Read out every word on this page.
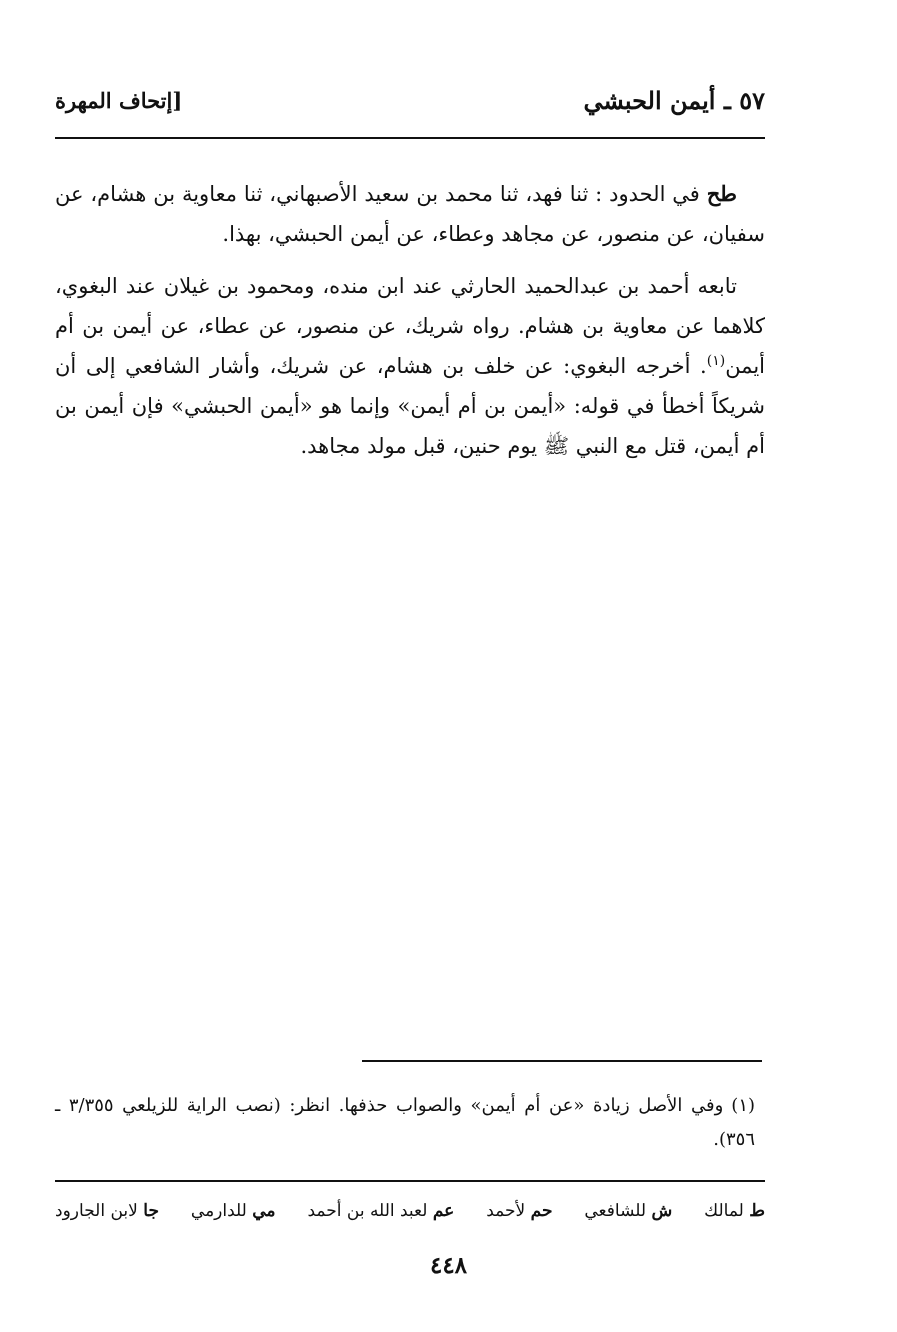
٥٧ ـ أيمن الحبشي
[إتحاف المهرة

طح في الحدود : ثنا فهد، ثنا محمد بن سعيد الأصبهاني، ثنا معاوية بن هشام، عن سفيان، عن منصور، عن مجاهد وعطاء، عن أيمن الحبشي، بهذا.

تابعه أحمد بن عبدالحميد الحارثي عند ابن منده، ومحمود بن غيلان عند البغوي، كلاهما عن معاوية بن هشام. رواه شريك، عن منصور، عن عطاء، عن أيمن بن أم أيمن$^{(١)}$. أخرجه البغوي: عن خلف بن هشام، عن شريك، وأشار الشافعي إلى أن شريكاً أخطأ في قوله: «أيمن بن أم أيمن» وإنما هو «أيمن الحبشي» فإن أيمن بن أم أيمن، قتل مع النبي ﷺ يوم حنين، قبل مولد مجاهد.

(١)وفي الأصل زيادة «عن أم أيمن» والصواب حذفها. انظر: (نصب الراية للزيلعي ٣/٣٥٥ ـ ٣٥٦).
ط لمالك
ش للشافعي
حم لأحمد
عم لعبد الله بن أحمد
مي للدارمي
جا لابن الجارود
٤٤٨
